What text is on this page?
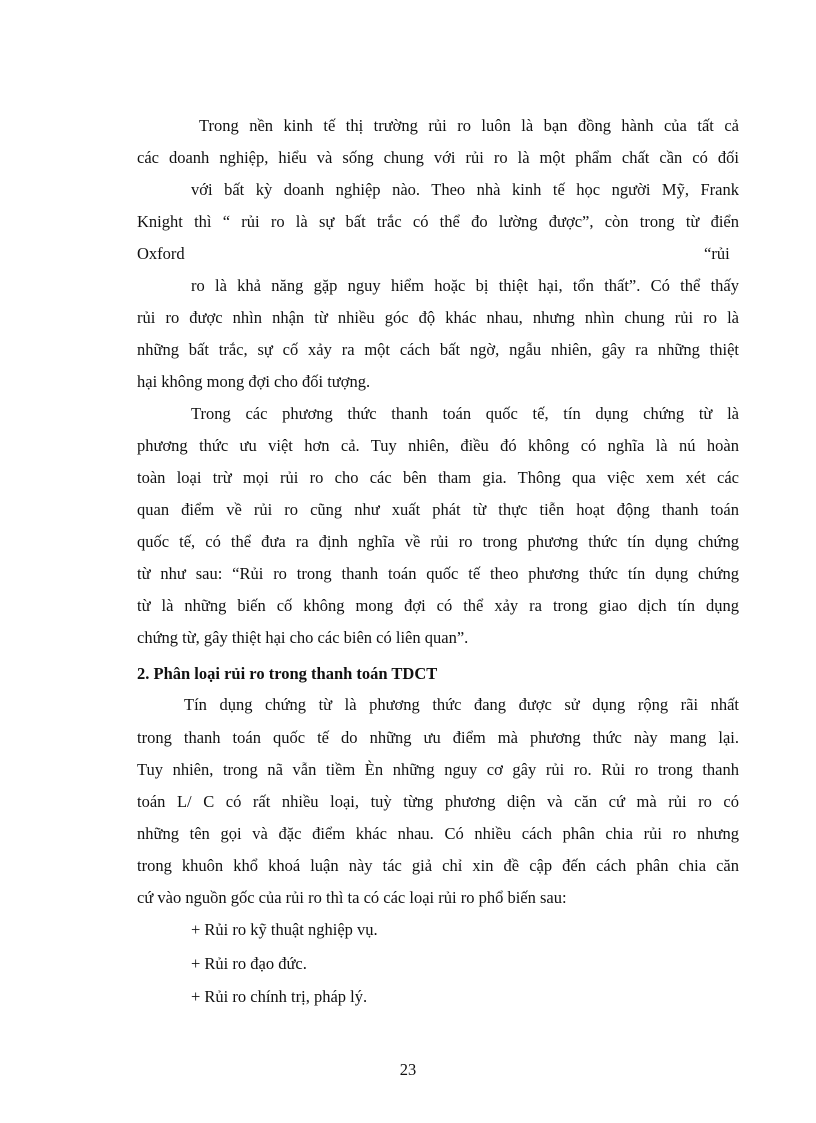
Trong nền kinh tế thị trường rủi ro luôn là bạn đồng hành của tất cả
các doanh nghiệp, hiểu và sống chung với rủi ro là một phẩm chất cần có đối
với bất kỳ doanh nghiệp nào. Theo nhà kinh tế học người Mỹ, Frank
Knight thì “ rủi ro là sự bất trắc có thể đo lường được”, còn trong từ điển
Oxford	“rủi
ro là khả năng gặp nguy hiểm hoặc bị thiệt hại, tổn thất”. Có thể thấy
rủi ro được nhìn nhận từ nhiều góc độ khác nhau, nhưng nhìn chung rủi ro là
những bất trắc, sự cố xảy ra một cách bất ngờ, ngẫu nhiên, gây ra những thiệt
hại không mong đợi cho đối tượng.
Trong các phương thức thanh toán quốc tế, tín dụng chứng từ là
phương thức ưu việt hơn cả. Tuy nhiên, điều đó không có nghĩa là nú hoàn
toàn loại trừ mọi rủi ro cho các bên tham gia. Thông qua việc xem xét các
quan điểm về rủi ro cũng như xuất phát từ thực tiễn hoạt động thanh toán
quốc tế, có thể đưa ra định nghĩa về rủi ro trong phương thức tín dụng chứng
từ như sau: “Rủi ro trong thanh toán quốc tế theo phương thức tín dụng chứng
từ là những biến cố không mong đợi có thể xảy ra trong giao dịch tín dụng
chứng từ, gây thiệt hại cho các biên có liên quan”.
2. Phân loại rủi ro trong thanh toán TDCT
Tín dụng chứng từ là phương thức đang được sử dụng rộng rãi nhất
trong thanh toán quốc tế do những ưu điểm mà phương thức này mang lại.
Tuy nhiên, trong nã vẫn tiềm Èn những nguy cơ gây rủi ro. Rủi ro trong thanh
toán L/ C có rất nhiều loại, tuỳ từng phương diện và căn cứ mà rủi ro có
những tên gọi và đặc điểm khác nhau. Có nhiều cách phân chia rủi ro nhưng
trong khuôn khổ khoá luận này tác giả chỉ xin đề cập đến cách phân chia căn
cứ vào nguồn gốc của rủi ro thì ta có các loại rủi ro phổ biến sau:
+ Rủi ro kỹ thuật nghiệp vụ.
+ Rủi ro đạo đức.
+ Rủi ro chính trị, pháp lý.
23
